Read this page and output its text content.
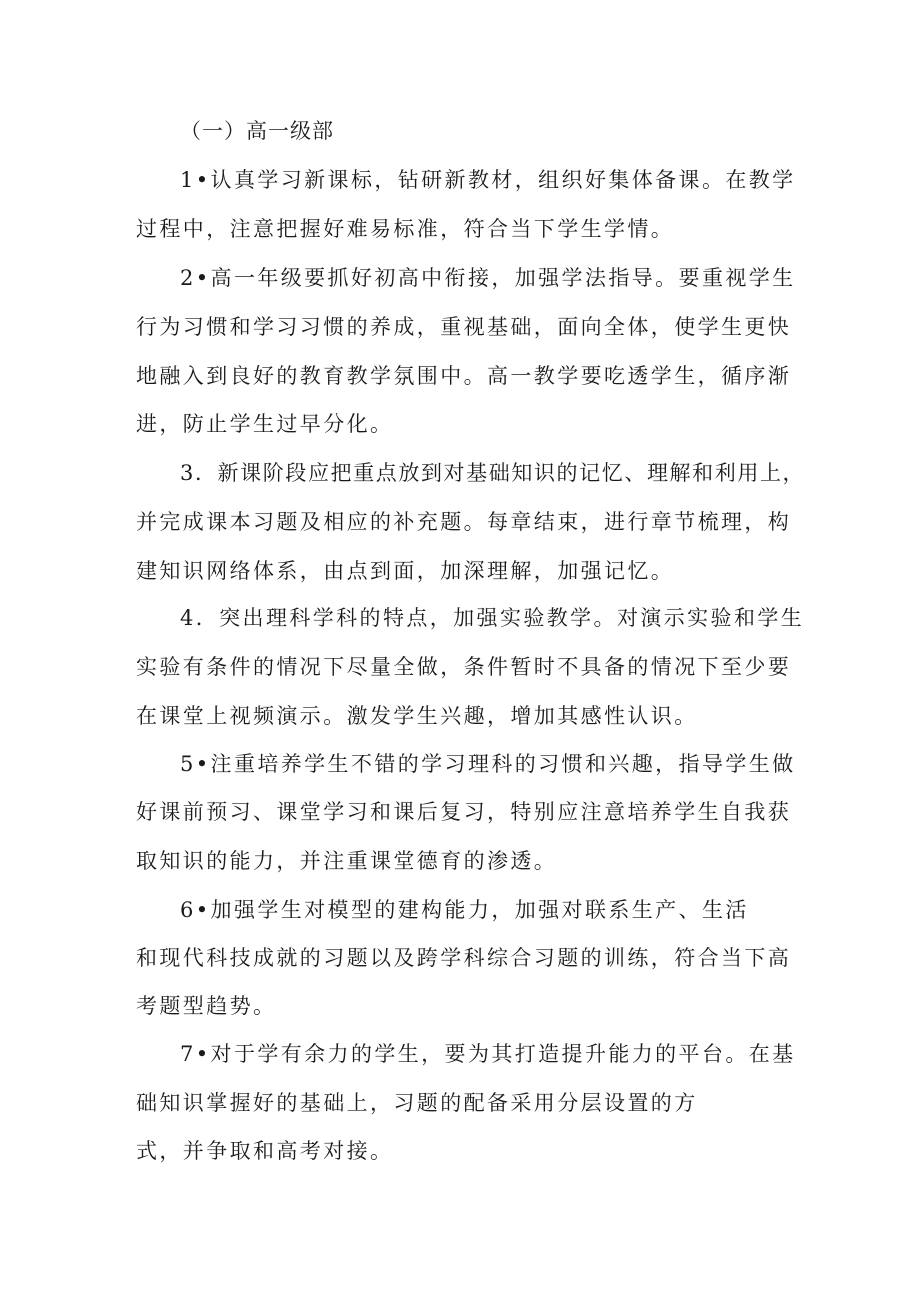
（一）高一级部
1•认真学习新课标，钻研新教材，组织好集体备课。在教学
过程中，注意把握好难易标准，符合当下学生学情。
2•高一年级要抓好初高中衔接，加强学法指导。要重视学生
行为习惯和学习习惯的养成，重视基础，面向全体，使学生更快
地融入到良好的教育教学氛围中。高一教学要吃透学生，循序渐
进，防止学生过早分化。
3．新课阶段应把重点放到对基础知识的记忆、理解和利用上，
并完成课本习题及相应的补充题。每章结束，进行章节梳理，构
建知识网络体系，由点到面，加深理解，加强记忆。
4．突出理科学科的特点，加强实验教学。对演示实验和学生
实验有条件的情况下尽量全做，条件暂时不具备的情况下至少要
在课堂上视频演示。激发学生兴趣，增加其感性认识。
5•注重培养学生不错的学习理科的习惯和兴趣，指导学生做
好课前预习、课堂学习和课后复习，特别应注意培养学生自我获
取知识的能力，并注重课堂德育的渗透。
6•加强学生对模型的建构能力，加强对联系生产、生活
和现代科技成就的习题以及跨学科综合习题的训练，符合当下高
考题型趋势。
7•对于学有余力的学生，要为其打造提升能力的平台。在基
础知识掌握好的基础上，习题的配备采用分层设置的方
式，并争取和高考对接。
